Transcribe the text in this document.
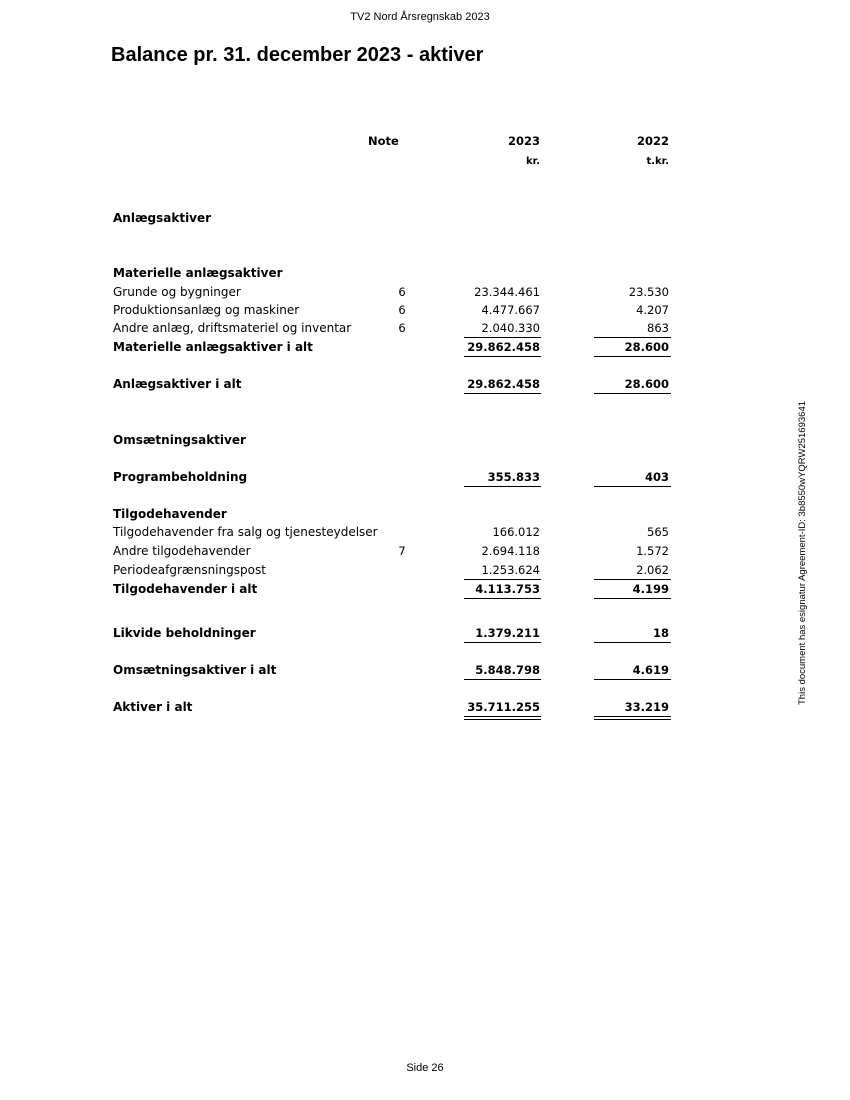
TV2 Nord Årsregnskab 2023
Balance pr. 31. december 2023 - aktiver
Note	2023	2022
kr.	t.kr.
Anlægsaktiver
Materielle anlægsaktiver
Grunde og bygninger	6	23.344.461	23.530
Produktionsanlæg og maskiner	6	4.477.667	4.207
Andre anlæg, driftsmateriel og inventar	6	2.040.330	863
Materielle anlægsaktiver i alt	29.862.458	28.600
Anlægsaktiver i alt	29.862.458	28.600
Omsætningsaktiver
Programbeholdning	355.833	403
Tilgodehavender
Tilgodehavender fra salg og tjenesteydelser	166.012	565
Andre tilgodehavender	7	2.694.118	1.572
Periodeafgrænsningspost	1.253.624	2.062
Tilgodehavender i alt	4.113.753	4.199
Likvide beholdninger	1.379.211	18
Omsætningsaktiver i alt	5.848.798	4.619
Aktiver i alt	35.711.255	33.219
This document has esignatur Agreement-ID: 3b8550wYQRW251693641
Side 26
